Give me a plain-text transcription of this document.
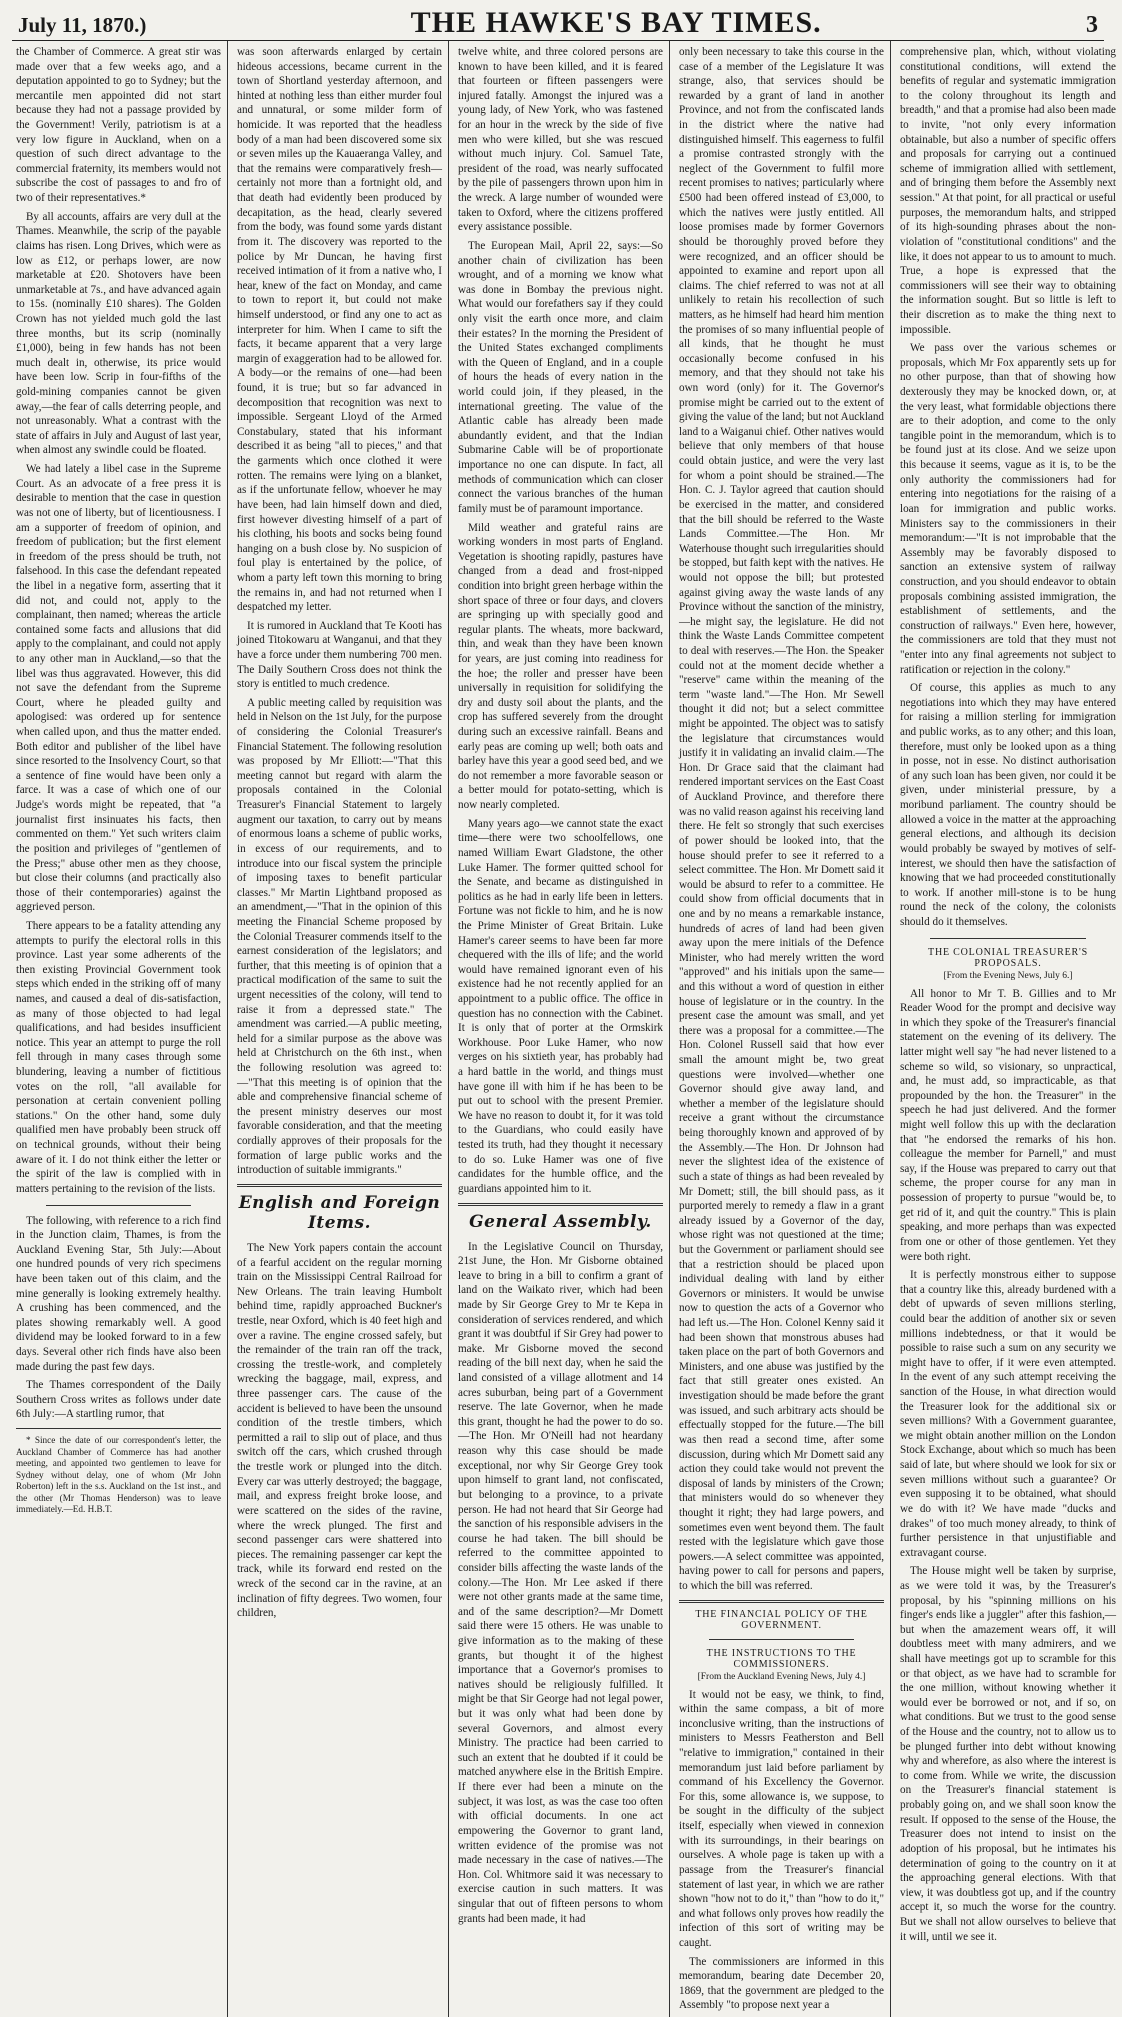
July 11, 1870.)	THE HAWKE'S BAY TIMES.	3

the Chamber of Commerce. A great stir was made over that a few weeks ago, and a deputation appointed to go to Sydney; but the mercantile men appointed did not start because they had not a passage provided by the Government! Verily, patriotism is at a very low figure in Auckland, when on a question of such direct advantage to the commercial fraternity, its members would not subscribe the cost of passages to and fro of two of their representatives.*

By all accounts, affairs are very dull at the Thames. Meanwhile, the scrip of the payable claims has risen. Long Drives, which were as low as £12, or perhaps lower, are now marketable at £20. Shotovers have been unmarketable at 7s., and have advanced again to 15s. (nominally £10 shares). The Golden Crown has not yielded much gold the last three months, but its scrip (nominally £1,000), being in few hands has not been much dealt in, otherwise, its price would have been low. Scrip in four-fifths of the gold-mining companies cannot be given away,—the fear of calls deterring people, and not unreasonably. What a contrast with the state of affairs in July and August of last year, when almost any swindle could be floated.

We had lately a libel case in the Supreme Court. As an advocate of a free press it is desirable to mention that the case in question was not one of liberty, but of licentiousness. I am a supporter of freedom of opinion, and freedom of publication; but the first element in freedom of the press should be truth, not falsehood. In this case the defendant repeated the libel in a negative form, asserting that it did not, and could not, apply to the complainant, then named; whereas the article contained some facts and allusions that did apply to the complainant, and could not apply to any other man in Auckland,—so that the libel was thus aggravated. However, this did not save the defendant from the Supreme Court, where he pleaded guilty and apologised: was ordered up for sentence when called upon, and thus the matter ended. Both editor and publisher of the libel have since resorted to the Insolvency Court, so that a sentence of fine would have been only a farce. It was a case of which one of our Judge's words might be repeated, that "a journalist first insinuates his facts, then commented on them." Yet such writers claim the position and privileges of "gentlemen of the Press;" abuse other men as they choose, but close their columns (and practically also those of their contemporaries) against the aggrieved person.

There appears to be a fatality attending any attempts to purify the electoral rolls in this province. Last year some adherents of the then existing Provincial Government took steps which ended in the striking off of many names, and caused a deal of dis-satisfaction, as many of those objected to had legal qualifications, and had besides insufficient notice. This year an attempt to purge the roll fell through in many cases through some blundering, leaving a number of fictitious votes on the roll, "all available for personation at certain convenient polling stations." On the other hand, some duly qualified men have probably been struck off on technical grounds, without their being aware of it. I do not think either the letter or the spirit of the law is complied with in matters pertaining to the revision of the lists.

The following, with reference to a rich find in the Junction claim, Thames, is from the Auckland Evening Star, 5th July:—About one hundred pounds of very rich specimens have been taken out of this claim, and the mine generally is looking extremely healthy. A crushing has been commenced, and the plates showing remarkably well. A good dividend may be looked forward to in a few days. Several other rich finds have also been made during the past few days.

The Thames correspondent of the Daily Southern Cross writes as follows under date 6th July:—A startling rumor, that

* Since the date of our correspondent's letter, the Auckland Chamber of Commerce has had another meeting, and appointed two gentlemen to leave for Sydney without delay, one of whom (Mr John Roberton) left in the s.s. Auckland on the 1st inst., and the other (Mr Thomas Henderson) was to leave immediately.—Ed. H.B.T.

was soon afterwards enlarged by certain hideous accessions, became current in the town of Shortland yesterday afternoon, and hinted at nothing less than either murder foul and unnatural, or some milder form of homicide. It was reported that the headless body of a man had been discovered some six or seven miles up the Kauaeranga Valley, and that the remains were comparatively fresh—certainly not more than a fortnight old, and that death had evidently been produced by decapitation, as the head, clearly severed from the body, was found some yards distant from it. The discovery was reported to the police by Mr Duncan, he having first received intimation of it from a native who, I hear, knew of the fact on Monday, and came to town to report it, but could not make himself understood, or find any one to act as interpreter for him. When I came to sift the facts, it became apparent that a very large margin of exaggeration had to be allowed for. A body—or the remains of one—had been found, it is true; but so far advanced in decomposition that recognition was next to impossible. Sergeant Lloyd of the Armed Constabulary, stated that his informant described it as being "all to pieces," and that the garments which once clothed it were rotten. The remains were lying on a blanket, as if the unfortunate fellow, whoever he may have been, had lain himself down and died, first however divesting himself of a part of his clothing, his boots and socks being found hanging on a bush close by. No suspicion of foul play is entertained by the police, of whom a party left town this morning to bring the remains in, and had not returned when I despatched my letter.

It is rumored in Auckland that Te Kooti has joined Titokowaru at Wanganui, and that they have a force under them numbering 700 men. The Daily Southern Cross does not think the story is entitled to much credence.

A public meeting called by requisition was held in Nelson on the 1st July, for the purpose of considering the Colonial Treasurer's Financial Statement. The following resolution was proposed by Mr Elliott:—"That this meeting cannot but regard with alarm the proposals contained in the Colonial Treasurer's Financial Statement to largely augment our taxation, to carry out by means of enormous loans a scheme of public works, in excess of our requirements, and to introduce into our fiscal system the principle of imposing taxes to benefit particular classes." Mr Martin Lightband proposed as an amendment,—"That in the opinion of this meeting the Financial Scheme proposed by the Colonial Treasurer commends itself to the earnest consideration of the legislators; and further, that this meeting is of opinion that a practical modification of the same to suit the urgent necessities of the colony, will tend to raise it from a depressed state." The amendment was carried.—A public meeting, held for a similar purpose as the above was held at Christchurch on the 6th inst., when the following resolution was agreed to:—"That this meeting is of opinion that the able and comprehensive financial scheme of the present ministry deserves our most favorable consideration, and that the meeting cordially approves of their proposals for the formation of large public works and the introduction of suitable immigrants."

English and Foreign Items.

The New York papers contain the account of a fearful accident on the regular morning train on the Mississippi Central Railroad for New Orleans. The train leaving Humbolt behind time, rapidly approached Buckner's trestle, near Oxford, which is 40 feet high and over a ravine. The engine crossed safely, but the remainder of the train ran off the track, crossing the trestle-work, and completely wrecking the baggage, mail, express, and three passenger cars. The cause of the accident is believed to have been the unsound condition of the trestle timbers, which permitted a rail to slip out of place, and thus switch off the cars, which crushed through the trestle work or plunged into the ditch. Every car was utterly destroyed; the baggage, mail, and express freight broke loose, and were scattered on the sides of the ravine, where the wreck plunged. The first and second passenger cars were shattered into pieces. The remaining passenger car kept the track, while its forward end rested on the wreck of the second car in the ravine, at an inclination of fifty degrees. Two women, four children,

twelve white, and three colored persons are known to have been killed, and it is feared that fourteen or fifteen passengers were injured fatally. Amongst the injured was a young lady, of New York, who was fastened for an hour in the wreck by the side of five men who were killed, but she was rescued without much injury. Col. Samuel Tate, president of the road, was nearly suffocated by the pile of passengers thrown upon him in the wreck. A large number of wounded were taken to Oxford, where the citizens proffered every assistance possible.

The European Mail, April 22, says:—So another chain of civilization has been wrought, and of a morning we know what was done in Bombay the previous night. What would our forefathers say if they could only visit the earth once more, and claim their estates? In the morning the President of the United States exchanged compliments with the Queen of England, and in a couple of hours the heads of every nation in the world could join, if they pleased, in the international greeting. The value of the Atlantic cable has already been made abundantly evident, and that the Indian Submarine Cable will be of proportionate importance no one can dispute. In fact, all methods of communication which can closer connect the various branches of the human family must be of paramount importance.

Mild weather and grateful rains are working wonders in most parts of England. Vegetation is shooting rapidly, pastures have changed from a dead and frost-nipped condition into bright green herbage within the short space of three or four days, and clovers are springing up with specially good and regular plants. The wheats, more backward, thin, and weak than they have been known for years, are just coming into readiness for the hoe; the roller and presser have been universally in requisition for solidifying the dry and dusty soil about the plants, and the crop has suffered severely from the drought during such an excessive rainfall. Beans and early peas are coming up well; both oats and barley have this year a good seed bed, and we do not remember a more favorable season or a better mould for potato-setting, which is now nearly completed.

Many years ago—we cannot state the exact time—there were two schoolfellows, one named William Ewart Gladstone, the other Luke Hamer. The former quitted school for the Senate, and became as distinguished in politics as he had in early life been in letters. Fortune was not fickle to him, and he is now the Prime Minister of Great Britain. Luke Hamer's career seems to have been far more chequered with the ills of life; and the world would have remained ignorant even of his existence had he not recently applied for an appointment to a public office. The office in question has no connection with the Cabinet. It is only that of porter at the Ormskirk Workhouse. Poor Luke Hamer, who now verges on his sixtieth year, has probably had a hard battle in the world, and things must have gone ill with him if he has been to be put out to school with the present Premier. We have no reason to doubt it, for it was told to the Guardians, who could easily have tested its truth, had they thought it necessary to do so. Luke Hamer was one of five candidates for the humble office, and the guardians appointed him to it.

General Assembly.

In the Legislative Council on Thursday, 21st June, the Hon. Mr Gisborne obtained leave to bring in a bill to confirm a grant of land on the Waikato river, which had been made by Sir George Grey to Mr te Kepa in consideration of services rendered, and which grant it was doubtful if Sir Grey had power to make. Mr Gisborne moved the second reading of the bill next day, when he said the land consisted of a village allotment and 14 acres suburban, being part of a Government reserve. The late Governor, when he made this grant, thought he had the power to do so.—The Hon. Mr O'Neill had not heardany reason why this case should be made exceptional, nor why Sir George Grey took upon himself to grant land, not confiscated, but belonging to a province, to a private person. He had not heard that Sir George had the sanction of his responsible advisers in the course he had taken. The bill should be referred to the committee appointed to consider bills affecting the waste lands of the colony.—The Hon. Mr Lee asked if there were not other grants made at the same time, and of the same description?—Mr Domett said there were 15 others. He was unable to give information as to the making of these grants, but thought it of the highest importance that a Governor's promises to natives should be religiously fulfilled. It might be that Sir George had not legal power, but it was only what had been done by several Governors, and almost every Ministry. The practice had been carried to such an extent that he doubted if it could be matched anywhere else in the British Empire. If there ever had been a minute on the subject, it was lost, as was the case too often with official documents. In one act empowering the Governor to grant land, written evidence of the promise was not made necessary in the case of natives.—The Hon. Col. Whitmore said it was necessary to exercise caution in such matters. It was singular that out of fifteen persons to whom grants had been made, it had

only been necessary to take this course in the case of a member of the Legislature It was strange, also, that services should be rewarded by a grant of land in another Province, and not from the confiscated lands in the district where the native had distinguished himself. This eagerness to fulfil a promise contrasted strongly with the neglect of the Government to fulfil more recent promises to natives; particularly where £500 had been offered instead of £3,000, to which the natives were justly entitled. All loose promises made by former Governors should be thoroughly proved before they were recognized, and an officer should be appointed to examine and report upon all claims. The chief referred to was not at all unlikely to retain his recollection of such matters, as he himself had heard him mention the promises of so many influential people of all kinds, that he thought he must occasionally become confused in his memory, and that they should not take his own word (only) for it. The Governor's promise might be carried out to the extent of giving the value of the land; but not Auckland land to a Waiganui chief. Other natives would believe that only members of that house could obtain justice, and were the very last for whom a point should be strained.—The Hon. C. J. Taylor agreed that caution should be exercised in the matter, and considered that the bill should be referred to the Waste Lands Committee.—The Hon. Mr Waterhouse thought such irregularities should be stopped, but faith kept with the natives. He would not oppose the bill; but protested against giving away the waste lands of any Province without the sanction of the ministry,—he might say, the legislature. He did not think the Waste Lands Committee competent to deal with reserves.—The Hon. the Speaker could not at the moment decide whether a "reserve" came within the meaning of the term "waste land."—The Hon. Mr Sewell thought it did not; but a select committee might be appointed. The object was to satisfy the legislature that circumstances would justify it in validating an invalid claim.—The Hon. Dr Grace said that the claimant had rendered important services on the East Coast of Auckland Province, and therefore there was no valid reason against his receiving land there. He felt so strongly that such exercises of power should be looked into, that the house should prefer to see it referred to a select committee. The Hon. Mr Domett said it would be absurd to refer to a committee. He could show from official documents that in one and by no means a remarkable instance, hundreds of acres of land had been given away upon the mere initials of the Defence Minister, who had merely written the word "approved" and his initials upon the same—and this without a word of question in either house of legislature or in the country. In the present case the amount was small, and yet there was a proposal for a committee.—The Hon. Colonel Russell said that how ever small the amount might be, two great questions were involved—whether one Governor should give away land, and whether a member of the legislature should receive a grant without the circumstance being thoroughly known and approved of by the Assembly.—The Hon. Dr Johnson had never the slightest idea of the existence of such a state of things as had been revealed by Mr Domett; still, the bill should pass, as it purported merely to remedy a flaw in a grant already issued by a Governor of the day, whose right was not questioned at the time; but the Government or parliament should see that a restriction should be placed upon individual dealing with land by either Governors or ministers. It would be unwise now to question the acts of a Governor who had left us.—The Hon. Colonel Kenny said it had been shown that monstrous abuses had taken place on the part of both Governors and Ministers, and one abuse was justified by the fact that still greater ones existed. An investigation should be made before the grant was issued, and such arbitrary acts should be effectually stopped for the future.—The bill was then read a second time, after some discussion, during which Mr Domett said any action they could take would not prevent the disposal of lands by ministers of the Crown; that ministers would do so whenever they thought it right; they had large powers, and sometimes even went beyond them. The fault rested with the legislature which gave those powers.—A select committee was appointed, having power to call for persons and papers, to which the bill was referred.

THE FINANCIAL POLICY OF THE GOVERNMENT.
THE INSTRUCTIONS TO THE COMMISSIONERS.
[From the Auckland Evening News, July 4.]

It would not be easy, we think, to find, within the same compass, a bit of more inconclusive writing, than the instructions of ministers to Messrs Featherston and Bell "relative to immigration," contained in their memorandum just laid before parliament by command of his Excellency the Governor. For this, some allowance is, we suppose, to be sought in the difficulty of the subject itself, especially when viewed in connexion with its surroundings, in their bearings on ourselves. A whole page is taken up with a passage from the Treasurer's financial statement of last year, in which we are rather shown "how not to do it," than "how to do it," and what follows only proves how readily the infection of this sort of writing may be caught.

The commissioners are informed in this memorandum, bearing date December 20, 1869, that the government are pledged to the Assembly "to propose next year a

comprehensive plan, which, without violating constitutional conditions, will extend the benefits of regular and systematic immigration to the colony throughout its length and breadth," and that a promise had also been made to invite, "not only every information obtainable, but also a number of specific offers and proposals for carrying out a continued scheme of immigration allied with settlement, and of bringing them before the Assembly next session." At that point, for all practical or useful purposes, the memorandum halts, and stripped of its high-sounding phrases about the non-violation of "constitutional conditions" and the like, it does not appear to us to amount to much. True, a hope is expressed that the commissioners will see their way to obtaining the information sought. But so little is left to their discretion as to make the thing next to impossible.

We pass over the various schemes or proposals, which Mr Fox apparently sets up for no other purpose, than that of showing how dexterously they may be knocked down, or, at the very least, what formidable objections there are to their adoption, and come to the only tangible point in the memorandum, which is to be found just at its close. And we seize upon this because it seems, vague as it is, to be the only authority the commissioners had for entering into negotiations for the raising of a loan for immigration and public works. Ministers say to the commissioners in their memorandum:—"It is not improbable that the Assembly may be favorably disposed to sanction an extensive system of railway construction, and you should endeavor to obtain proposals combining assisted immigration, the establishment of settlements, and the construction of railways." Even here, however, the commissioners are told that they must not "enter into any final agreements not subject to ratification or rejection in the colony."

Of course, this applies as much to any negotiations into which they may have entered for raising a million sterling for immigration and public works, as to any other; and this loan, therefore, must only be looked upon as a thing in posse, not in esse. No distinct authorisation of any such loan has been given, nor could it be given, under ministerial pressure, by a moribund parliament. The country should be allowed a voice in the matter at the approaching general elections, and although its decision would probably be swayed by motives of self-interest, we should then have the satisfaction of knowing that we had proceeded constitutionally to work. If another mill-stone is to be hung round the neck of the colony, the colonists should do it themselves.

THE COLONIAL TREASURER'S PROPOSALS.
[From the Evening News, July 6.]

All honor to Mr T. B. Gillies and to Mr Reader Wood for the prompt and decisive way in which they spoke of the Treasurer's financial statement on the evening of its delivery. The latter might well say "he had never listened to a scheme so wild, so visionary, so unpractical, and, he must add, so impracticable, as that propounded by the hon. the Treasurer" in the speech he had just delivered. And the former might well follow this up with the declaration that "he endorsed the remarks of his hon. colleague the member for Parnell," and must say, if the House was prepared to carry out that scheme, the proper course for any man in possession of property to pursue "would be, to get rid of it, and quit the country." This is plain speaking, and more perhaps than was expected from one or other of those gentlemen. Yet they were both right.

It is perfectly monstrous either to suppose that a country like this, already burdened with a debt of upwards of seven millions sterling, could bear the addition of another six or seven millions indebtedness, or that it would be possible to raise such a sum on any security we might have to offer, if it were even attempted. In the event of any such attempt receiving the sanction of the House, in what direction would the Treasurer look for the additional six or seven millions? With a Government guarantee, we might obtain another million on the London Stock Exchange, about which so much has been said of late, but where should we look for six or seven millions without such a guarantee? Or even supposing it to be obtained, what should we do with it? We have made "ducks and drakes" of too much money already, to think of further persistence in that unjustifiable and extravagant course.

The House might well be taken by surprise, as we were told it was, by the Treasurer's proposal, by his "spinning millions on his finger's ends like a juggler" after this fashion,—but when the amazement wears off, it will doubtless meet with many admirers, and we shall have meetings got up to scramble for this or that object, as we have had to scramble for the one million, without knowing whether it would ever be borrowed or not, and if so, on what conditions. But we trust to the good sense of the House and the country, not to allow us to be plunged further into debt without knowing why and wherefore, as also where the interest is to come from. While we write, the discussion on the Treasurer's financial statement is probably going on, and we shall soon know the result. If opposed to the sense of the House, the Treasurer does not intend to insist on the adoption of his proposal, but he intimates his determination of going to the country on it at the approaching general elections. With that view, it was doubtless got up, and if the country accept it, so much the worse for the country. But we shall not allow ourselves to believe that it will, until we see it.
